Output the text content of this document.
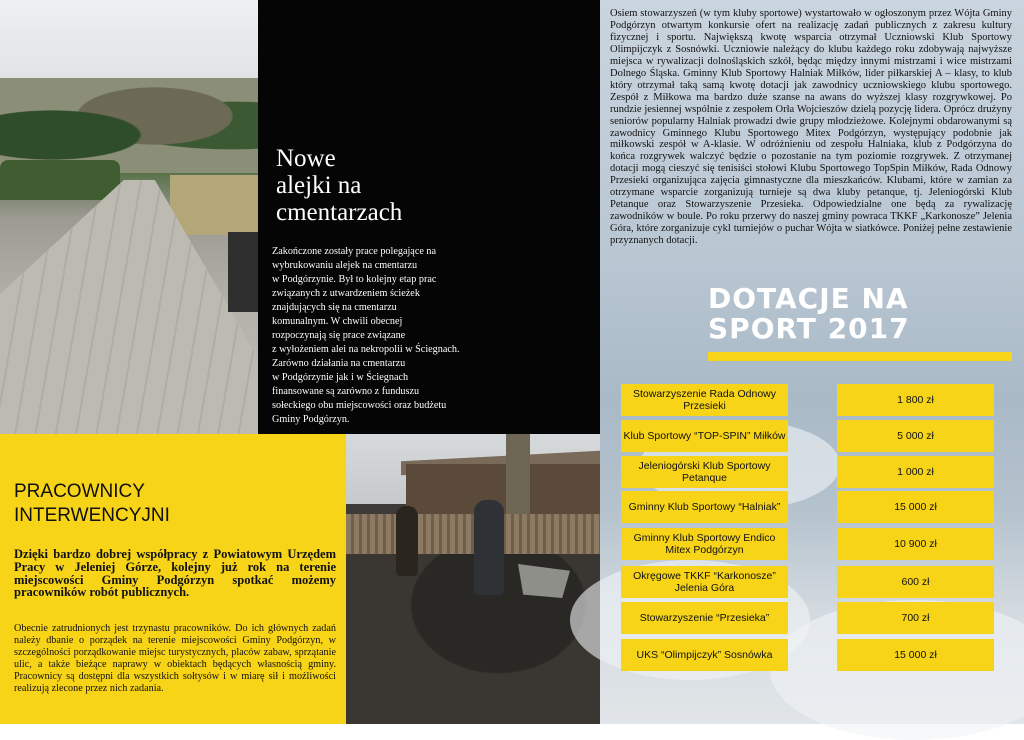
Nowe
alejki na
cmentarzach
Zakończone zostały prace polegające na
wybrukowaniu alejek na cmentarzu
w Podgórzynie. Był to kolejny etap prac
związanych z utwardzeniem ścieżek
znajdujących się na cmentarzu
komunalnym. W chwili obecnej
rozpoczynają się prace związane
z wyłożeniem alei na nekropolii w Ściegnach.
Zarówno działania na cmentarzu
w Podgórzynie jak i w Ściegnach
finansowane są zarówno z funduszu
sołeckiego obu miejscowości oraz budżetu
Gminy Podgórzyn.
PRACOWNICY
INTERWENCYJNI
Dzięki bardzo dobrej współpracy z Powiatowym Urzędem Pracy w Jeleniej Górze, kolejny już rok na terenie miejscowości Gminy Podgórzyn spotkać możemy pracowników robót publicznych.
Obecnie zatrudnionych jest trzynastu pracowników. Do ich głównych zadań należy dbanie o porządek na terenie miejscowości Gminy Podgórzyn, w szczególności porządkowanie miejsc turystycznych, placów zabaw, sprzątanie ulic, a także bieżące naprawy w obiektach będących własnością gminy. Pracownicy są dostępni dla wszystkich sołtysów i w miarę sił i możliwości realizują zlecone przez nich zadania.
Osiem stowarzyszeń (w tym kluby sportowe) wystartowało w ogłoszonym przez Wójta Gminy Podgórzyn otwartym konkursie ofert na realizację zadań publicznych z zakresu kultury fizycznej i sportu. Największą kwotę wsparcia otrzymał Uczniowski Klub Sportowy Olimpijczyk z Sosnówki. Uczniowie należący do klubu każdego roku zdobywają najwyższe miejsca w rywalizacji dolnośląskich szkół, będąc między innymi mistrzami i wice mistrzami Dolnego Śląska. Gminny Klub Sportowy Halniak Miłków, lider piłkarskiej A – klasy, to klub który otrzymał taką samą kwotę dotacji jak zawodnicy uczniowskiego klubu sportowego. Zespół z Miłkowa ma bardzo duże szanse na awans do wyższej klasy rozgrywkowej. Po rundzie jesiennej wspólnie z zespołem Orła Wojcieszów dzielą pozycję lidera. Oprócz drużyny seniorów popularny Halniak prowadzi dwie grupy młodzieżowe. Kolejnymi obdarowanymi są zawodnicy Gminnego Klubu Sportowego Mitex Podgórzyn, występujący podobnie jak miłkowski zespół w A-klasie. W odróżnieniu od zespołu Halniaka, klub z Podgórzyna do końca rozgrywek walczyć będzie o pozostanie na tym poziomie rozgrywek. Z otrzymanej dotacji mogą cieszyć się tenisiści stołowi Klubu Sportowego TopSpin Miłków, Rada Odnowy Przesieki organizująca zajęcia gimnastyczne dla mieszkańców. Klubami, które w zamian za otrzymane wsparcie zorganizują turnieje są dwa kluby petanque, tj. Jeleniogórski Klub Petanque oraz Stowarzyszenie Przesieka. Odpowiedzialne one będą za rywalizację zawodników w boule. Po roku przerwy do naszej gminy powraca TKKF „Karkonosze” Jelenia Góra, które zorganizuje cykl turniejów o puchar Wójta w siatkówce. Poniżej pełne zestawienie przyznanych dotacji.
DOTACJE NA
SPORT 2017
Stowarzyszenie Rada Odnowy Przesieki	1 800 zł
Klub Sportowy “TOP-SPIN” Miłków	5 000 zł
Jeleniogórski Klub Sportowy Petanque	1 000 zł
Gminny Klub Sportowy “Halniak”	15 000 zł
Gminny Klub Sportowy Endico Mitex Podgórzyn	10 900 zł
Okręgowe TKKF “Karkonosze” Jelenia Góra	600 zł
Stowarzyszenie “Przesieka”	700 zł
UKS “Olimpijczyk” Sosnówka	15 000 zł
